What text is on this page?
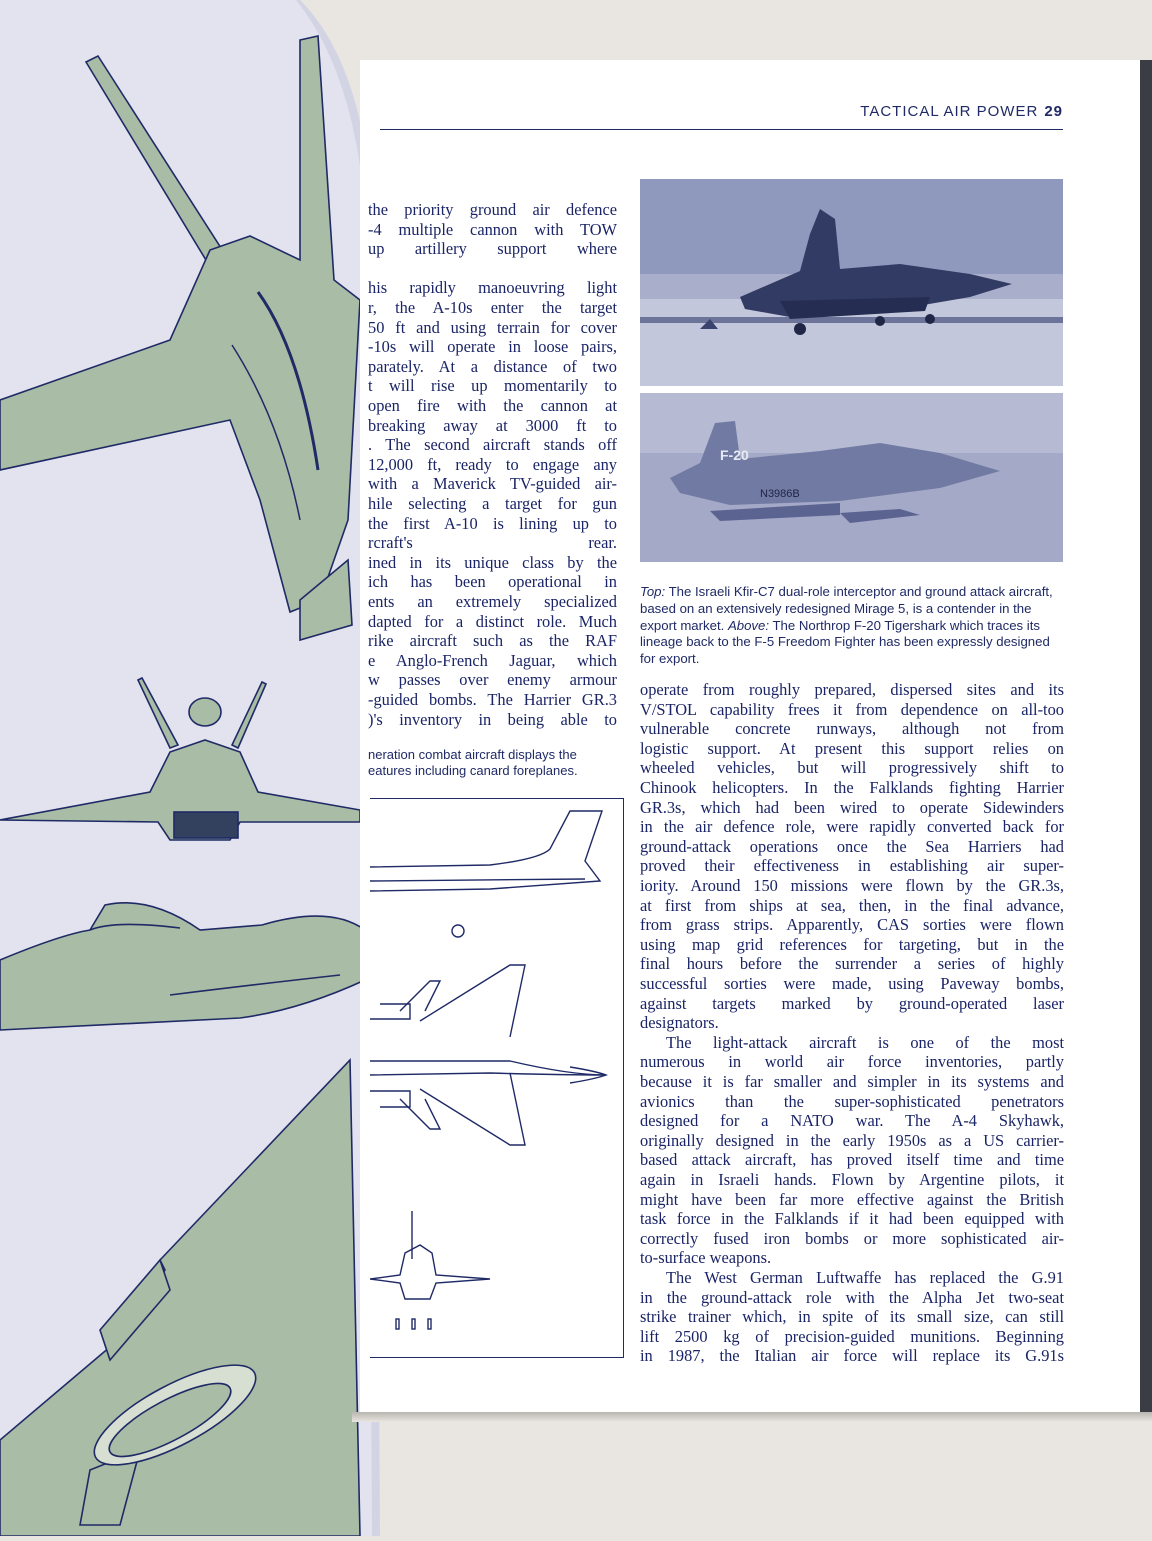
TACTICAL AIR POWER 29
F-20
N3986B
Top: The Israeli Kfir-C7 dual-role interceptor and ground attack aircraft, based on an extensively redesigned Mirage 5, is a contender in the export market. Above: The Northrop F-20 Tigershark which traces its lineage back to the F-5 Freedom Fighter has been expressly designed for export.
the priority ground air defence
-4 multiple cannon with TOW
up artillery support where
his rapidly manoeuvring light
r, the A-10s enter the target
50 ft and using terrain for cover
-10s will operate in loose pairs,
parately. At a distance of two
t will rise up momentarily to
open fire with the cannon at
breaking away at 3000 ft to
. The second aircraft stands off
12,000 ft, ready to engage any
with a Maverick TV-guided air-
hile selecting a target for gun
the first A-10 is lining up to
rcraft's rear.
ined in its unique class by the
ich has been operational in
ents an extremely specialized
dapted for a distinct role. Much
rike aircraft such as the RAF
e Anglo-French Jaguar, which
w passes over enemy armour
-guided bombs. The Harrier GR.3
)'s inventory in being able to
neration combat aircraft displays the
eatures including canard foreplanes.
operate from roughly prepared, dispersed sites and its
V/STOL capability frees it from dependence on all-too
vulnerable concrete runways, although not from
logistic support. At present this support relies on
wheeled vehicles, but will progressively shift to
Chinook helicopters. In the Falklands fighting Harrier
GR.3s, which had been wired to operate Sidewinders
in the air defence role, were rapidly converted back for
ground-attack operations once the Sea Harriers had
proved their effectiveness in establishing air super-
iority. Around 150 missions were flown by the GR.3s,
at first from ships at sea, then, in the final advance,
from grass strips. Apparently, CAS sorties were flown
using map grid references for targeting, but in the
final hours before the surrender a series of highly
successful sorties were made, using Paveway bombs,
against targets marked by ground-operated laser
designators.
The light-attack aircraft is one of the most
numerous in world air force inventories, partly
because it is far smaller and simpler in its systems and
avionics than the super-sophisticated penetrators
designed for a NATO war. The A-4 Skyhawk,
originally designed in the early 1950s as a US carrier-
based attack aircraft, has proved itself time and time
again in Israeli hands. Flown by Argentine pilots, it
might have been far more effective against the British
task force in the Falklands if it had been equipped with
correctly fused iron bombs or more sophisticated air-
to-surface weapons.
The West German Luftwaffe has replaced the G.91
in the ground-attack role with the Alpha Jet two-seat
strike trainer which, in spite of its small size, can still
lift 2500 kg of precision-guided munitions. Beginning
in 1987, the Italian air force will replace its G.91s
